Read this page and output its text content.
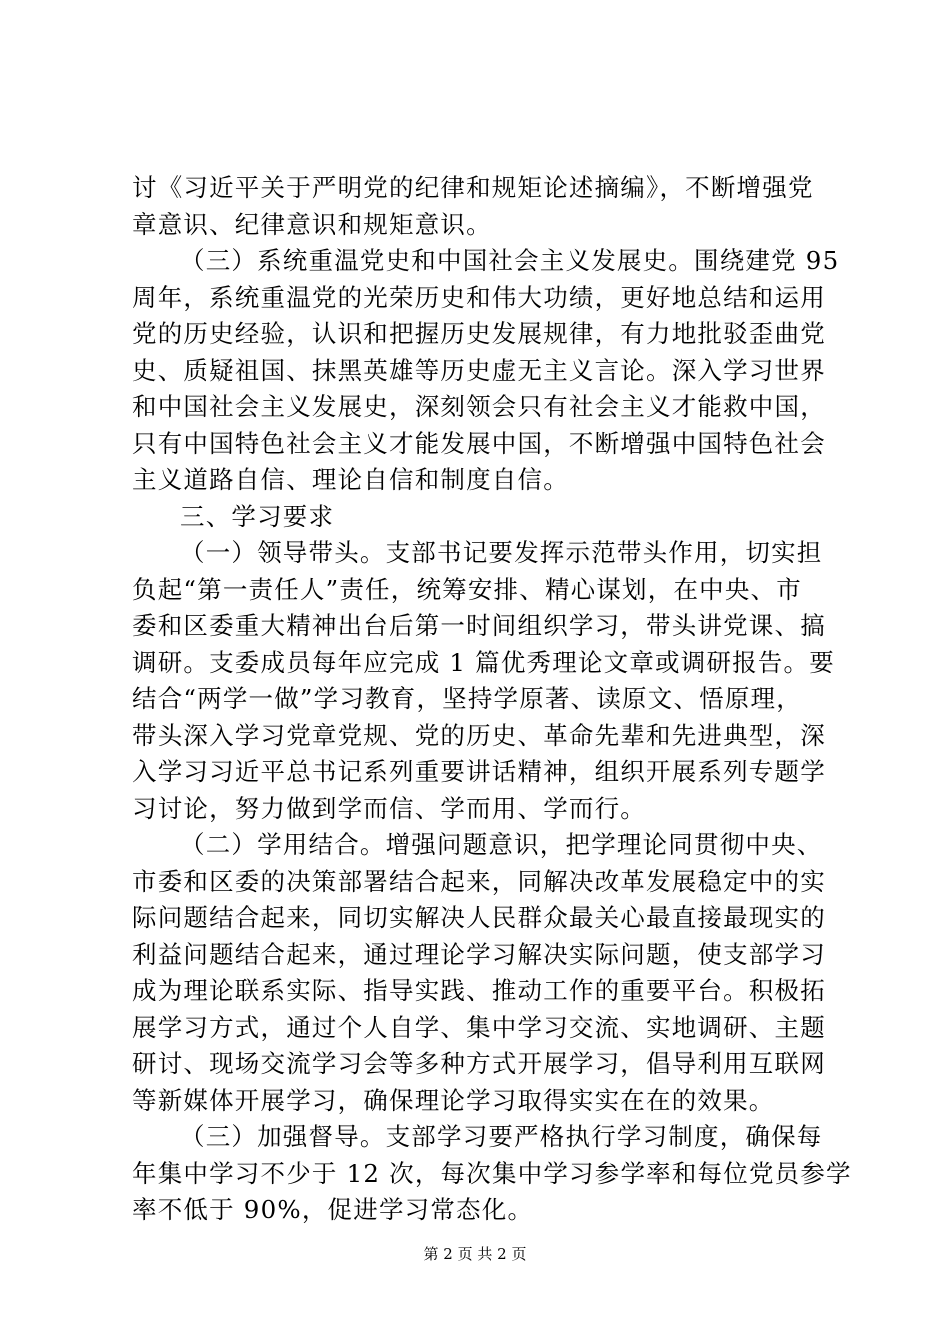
讨《习近平关于严明党的纪律和规矩论述摘编》，不断增强党
章意识、纪律意识和规矩意识。
（三）系统重温党史和中国社会主义发展史。围绕建党 95
周年，系统重温党的光荣历史和伟大功绩，更好地总结和运用
党的历史经验，认识和把握历史发展规律，有力地批驳歪曲党
史、质疑祖国、抹黑英雄等历史虚无主义言论。深入学习世界
和中国社会主义发展史，深刻领会只有社会主义才能救中国，
只有中国特色社会主义才能发展中国，不断增强中国特色社会
主义道路自信、理论自信和制度自信。
三、学习要求
（一）领导带头。支部书记要发挥示范带头作用，切实担
负起“第一责任人”责任，统筹安排、精心谋划，在中央、市
委和区委重大精神出台后第一时间组织学习，带头讲党课、搞
调研。支委成员每年应完成 1 篇优秀理论文章或调研报告。要
结合“两学一做”学习教育，坚持学原著、读原文、悟原理，
带头深入学习党章党规、党的历史、革命先辈和先进典型，深
入学习习近平总书记系列重要讲话精神，组织开展系列专题学
习讨论，努力做到学而信、学而用、学而行。
（二）学用结合。增强问题意识，把学理论同贯彻中央、
市委和区委的决策部署结合起来，同解决改革发展稳定中的实
际问题结合起来，同切实解决人民群众最关心最直接最现实的
利益问题结合起来，通过理论学习解决实际问题，使支部学习
成为理论联系实际、指导实践、推动工作的重要平台。积极拓
展学习方式，通过个人自学、集中学习交流、实地调研、主题
研讨、现场交流学习会等多种方式开展学习，倡导利用互联网
等新媒体开展学习，确保理论学习取得实实在在的效果。
（三）加强督导。支部学习要严格执行学习制度，确保每
年集中学习不少于 12 次，每次集中学习参学率和每位党员参学
率不低于 90%，促进学习常态化。
第 2 页 共 2 页
